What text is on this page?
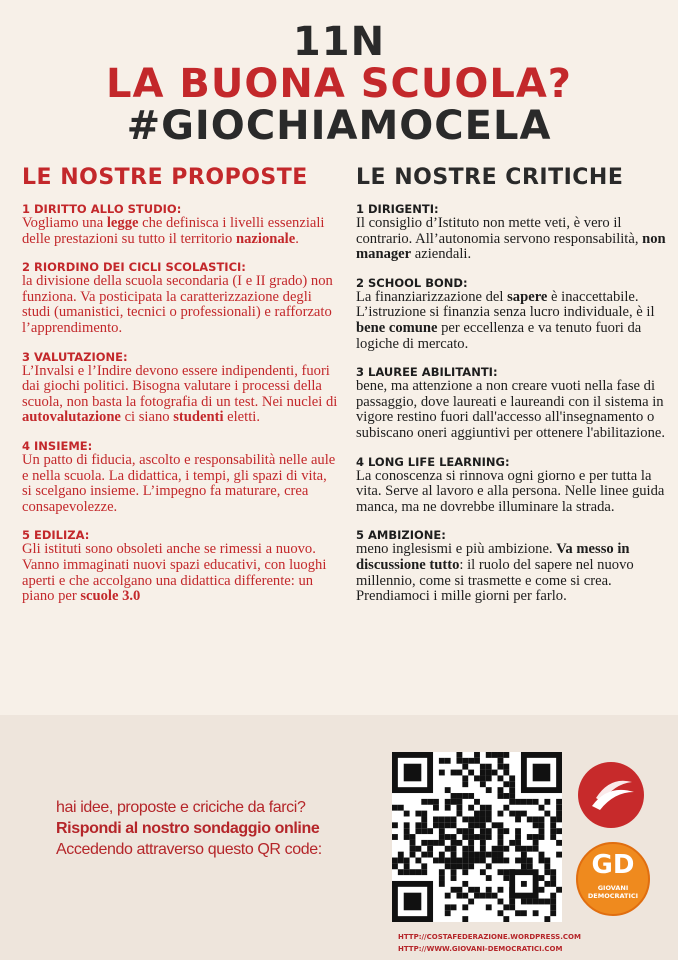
11N
LA BUONA SCUOLA?
#GIOCHIAMOCELA
LE NOSTRE PROPOSTE
1 DIRITTO ALLO STUDIO:
Vogliamo una legge che definisca i livelli essenziali delle prestazioni su tutto il territorio nazionale.
2 RIORDINO DEI CICLI SCOLASTICI:
la divisione della scuola secondaria (I e II grado) non funziona. Va posticipata la caratterizzazione degli studi (umanistici, tecnici o professionali) e rafforzato l’apprendimento.
3 VALUTAZIONE:
L’Invalsi e l’Indire devono essere indipendenti, fuori dai giochi politici. Bisogna valutare i processi della scuola, non basta la fotografia di un test. Nei nuclei di autovalutazione ci siano studenti eletti.
4 INSIEME:
Un patto di fiducia, ascolto e responsabilità nelle aule e nella scuola. La didattica, i tempi, gli spazi di vita, si scelgano insieme. L’impegno fa maturare, crea consapevolezze.
5 EDILIZA:
Gli istituti sono obsoleti anche se rimessi a nuovo. Vanno immaginati nuovi spazi educativi, con luoghi aperti e che accolgano una didattica differente: un piano per scuole 3.0
LE NOSTRE CRITICHE
1 DIRIGENTI:
Il consiglio d’Istituto non mette veti, è vero il contrario. All’autonomia servono responsabilità, non manager aziendali.
2 SCHOOL BOND:
La finanziarizzazione del sapere è inaccettabile. L’istruzione si finanzia senza lucro individuale, è il bene comune per eccellenza e va tenuto fuori da logiche di mercato.
3 LAUREE ABILITANTI:
bene, ma attenzione a non creare vuoti nella fase di passaggio, dove laureati e laureandi con il sistema in vigore restino fuori dall'accesso all'insegnamento o subiscano oneri aggiuntivi per ottenere l'abilitazione.
4 LONG LIFE LEARNING:
La conoscenza si rinnova ogni giorno e per tutta la vita. Serve al lavoro e alla persona. Nelle linee guida manca, ma ne dovrebbe illuminare la strada.
5 AMBIZIONE:
meno inglesismi e più ambizione. Va messo in discussione tutto: il ruolo del sapere nel nuovo millennio, come si trasmette e come si crea. Prendiamoci i mille giorni per farlo.
hai idee, proposte e criciche da farci?
Rispondi al nostro sondaggio online
Accedendo attraverso questo QR code:
HTTP://COSTAFEDERAZIONE.WORDPRESS.COM
HTTP://WWW.GIOVANI-DEMOCRATICI.COM
GD
GIOVANI DEMOCRATICI
